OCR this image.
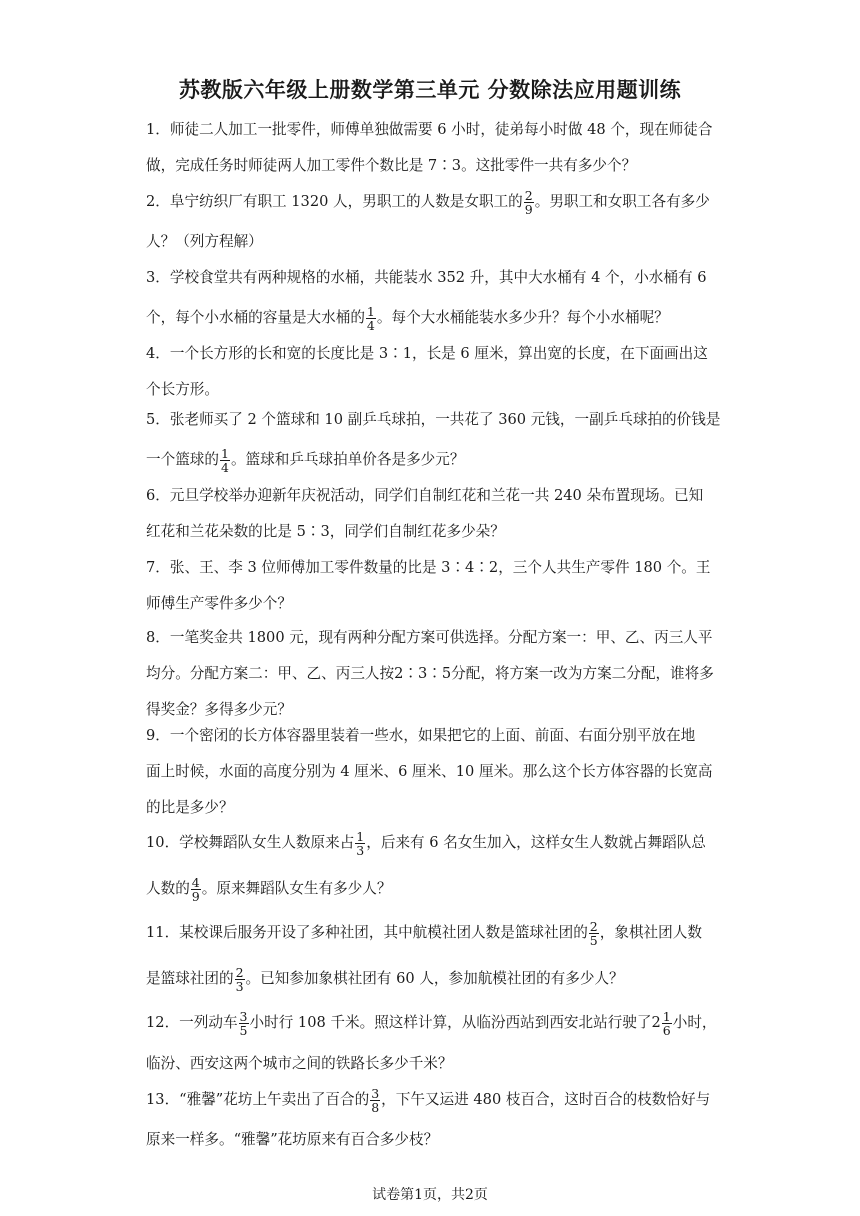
苏教版六年级上册数学第三单元 分数除法应用题训练
1．师徒二人加工一批零件，师傅单独做需要 6 小时，徒弟每小时做 48 个，现在师徒合
做，完成任务时师徒两人加工零件个数比是 7∶3。这批零件一共有多少个？
2．阜宁纺织厂有职工 1320 人，男职工的人数是女职工的 $\frac{2}{9}$ 。男职工和女职工各有多少
人？（列方程解）
3．学校食堂共有两种规格的水桶，共能装水 352 升，其中大水桶有 4 个，小水桶有 6
个，每个小水桶的容量是大水桶的 $\frac{1}{4}$ 。每个大水桶能装水多少升？每个小水桶呢？
4．一个长方形的长和宽的长度比是 3∶1，长是 6 厘米，算出宽的长度，在下面画出这
个长方形。
5．张老师买了 2 个篮球和 10 副乒乓球拍，一共花了 360 元钱，一副乒乓球拍的价钱是
一个篮球的 $\frac{1}{4}$ 。篮球和乒乓球拍单价各是多少元？
6．元旦学校举办迎新年庆祝活动，同学们自制红花和兰花一共 240 朵布置现场。已知
红花和兰花朵数的比是 5∶3，同学们自制红花多少朵？
7．张、王、李 3 位师傅加工零件数量的比是 3∶4∶2，三个人共生产零件 180 个。王
师傅生产零件多少个？
8．一笔奖金共 1800 元，现有两种分配方案可供选择。分配方案一：甲、乙、丙三人平
均分。分配方案二：甲、乙、丙三人按2∶3∶5分配，将方案一改为方案二分配，谁将多
得奖金？多得多少元？
9．一个密闭的长方体容器里装着一些水，如果把它的上面、前面、右面分别平放在地
面上时候，水面的高度分别为 4 厘米、6 厘米、10 厘米。那么这个长方体容器的长宽高
的比是多少？
10．学校舞蹈队女生人数原来占 $\frac{1}{3}$ ，后来有 6 名女生加入，这样女生人数就占舞蹈队总
人数的 $\frac{4}{9}$ 。原来舞蹈队女生有多少人？
11．某校课后服务开设了多种社团，其中航模社团人数是篮球社团的 $\frac{2}{5}$ ，象棋社团人数
是篮球社团的 $\frac{2}{3}$ 。已知参加象棋社团有 60 人，参加航模社团的有多少人？
12．一列动车 $\frac{3}{5}$ 小时行 108 千米。照这样计算，从临汾西站到西安北站行驶了$2 \frac{1}{6}$ 小时，
临汾、西安这两个城市之间的铁路长多少千米？
13．“雅馨”花坊上午卖出了百合的 $\frac{3}{8}$ ，下午又运进 480 枝百合，这时百合的枝数恰好与
原来一样多。“雅馨”花坊原来有百合多少枝？
试卷第1页，共2页
